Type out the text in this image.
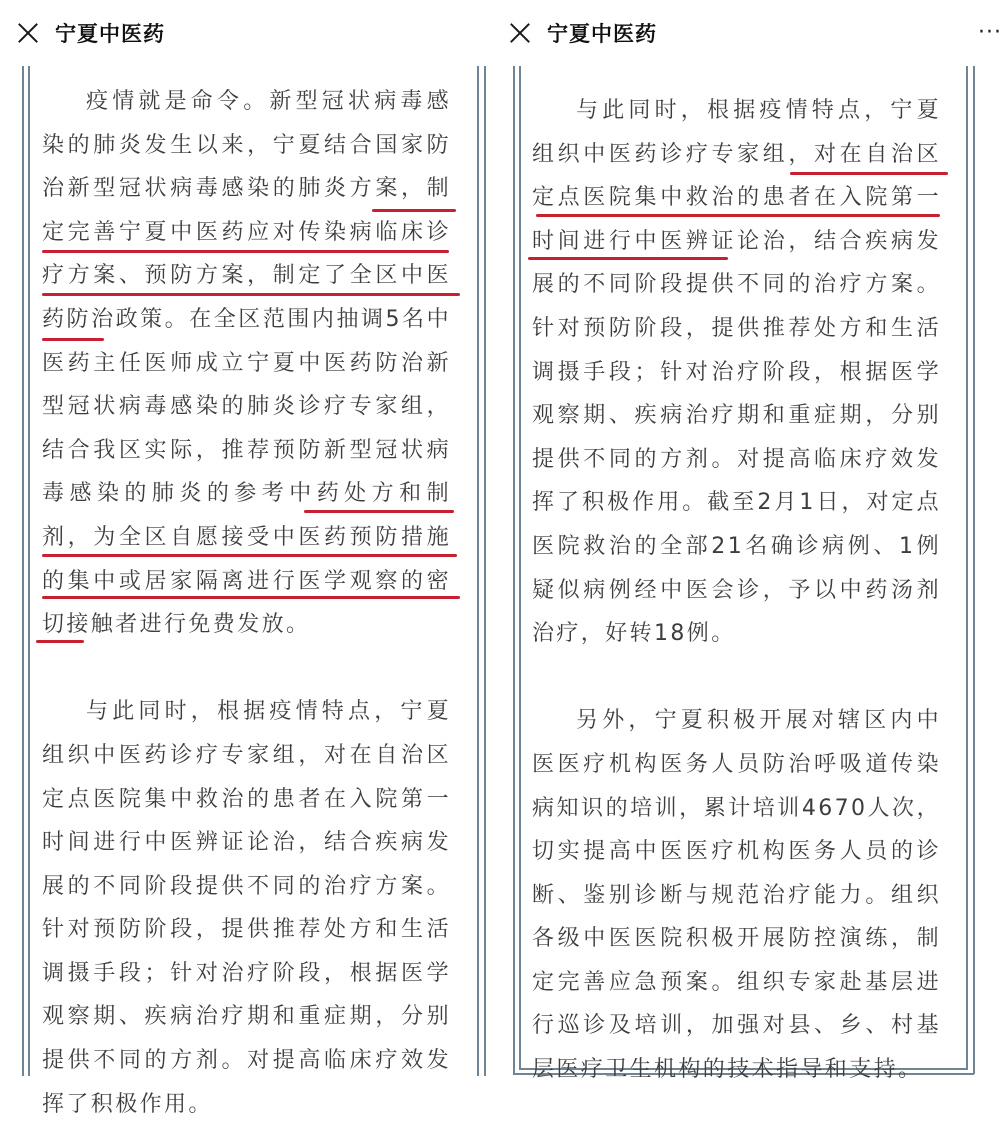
宁夏中医药

疫情就是命令。新型冠状病毒感染的肺炎发生以来，宁夏结合国家防治新型冠状病毒感染的肺炎方案，制定完善宁夏中医药应对传染病临床诊疗方案、预防方案，制定了全区中医药防治政策。在全区范围内抽调5名中医药主任医师成立宁夏中医药防治新型冠状病毒感染的肺炎诊疗专家组，结合我区实际，推荐预防新型冠状病毒感染的肺炎的参考中药处方和制剂，为全区自愿接受中医药预防措施的集中或居家隔离进行医学观察的密切接触者进行免费发放。

与此同时，根据疫情特点，宁夏组织中医药诊疗专家组，对在自治区定点医院集中救治的患者在入院第一时间进行中医辨证论治，结合疾病发展的不同阶段提供不同的治疗方案。针对预防阶段，提供推荐处方和生活调摄手段；针对治疗阶段，根据医学观察期、疾病治疗期和重症期，分别提供不同的方剂。对提高临床疗效发挥了积极作用。

宁夏中医药	···

与此同时，根据疫情特点，宁夏组织中医药诊疗专家组，对在自治区定点医院集中救治的患者在入院第一时间进行中医辨证论治，结合疾病发展的不同阶段提供不同的治疗方案。针对预防阶段，提供推荐处方和生活调摄手段；针对治疗阶段，根据医学观察期、疾病治疗期和重症期，分别提供不同的方剂。对提高临床疗效发挥了积极作用。截至2月1日，对定点医院救治的全部21名确诊病例、1例疑似病例经中医会诊，予以中药汤剂治疗，好转18例。

另外，宁夏积极开展对辖区内中医医疗机构医务人员防治呼吸道传染病知识的培训，累计培训4670人次，切实提高中医医疗机构医务人员的诊断、鉴别诊断与规范治疗能力。组织各级中医医院积极开展防控演练，制定完善应急预案。组织专家赴基层进行巡诊及培训，加强对县、乡、村基层医疗卫生机构的技术指导和支持。
